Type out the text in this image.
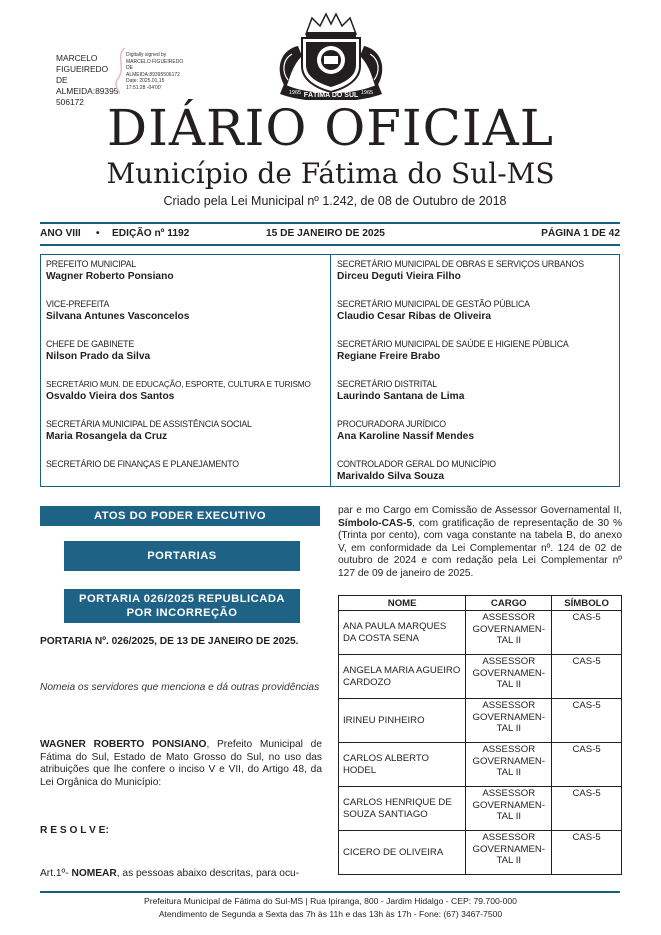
MARCELO
FIGUEIREDO DE
ALMEIDA:89395
506172
Digitally signed by
MARCELO FIGUEIREDO
DE
ALMEIDA:89395506172
Date: 2025.01.15
17:51:28 -04'00'
FÁTIMA DO SUL
1965	1965
DIÁRIO OFICIAL
Município de Fátima do Sul-MS
Criado pela Lei Municipal nº 1.242, de 08 de Outubro de 2018
ANO VIII • EDIÇÃO nº 1192	15 DE JANEIRO DE 2025	PÁGINA 1 DE 42
PREFEITO MUNICIPAL
Wagner Roberto Ponsiano
VICE-PREFEITA
Silvana Antunes Vasconcelos
CHEFE DE GABINETE
Nilson Prado da Silva
SECRETÁRIO MUN. DE EDUCAÇÃO, ESPORTE, CULTURA E TURISMO
Osvaldo Vieira dos Santos
SECRETÁRIA MUNICIPAL DE ASSISTÊNCIA SOCIAL
Maria Rosangela da Cruz
SECRETÁRIO DE FINANÇAS E PLANEJAMENTO
SECRETÁRIO MUNICIPAL DE OBRAS E SERVIÇOS URBANOS
Dirceu Deguti Vieira Filho
SECRETÁRIO MUNICIPAL DE GESTÃO PÚBLICA
Claudio Cesar Ribas de Oliveira
SECRETÁRIO MUNICIPAL DE SAÚDE E HIGIENE PÚBLICA
Regiane Freire Brabo
SECRETÁRIO DISTRITAL
Laurindo Santana de Lima
PROCURADORA JURÍDICO
Ana Karoline Nassif Mendes
CONTROLADOR GERAL DO MUNICÍPIO
Marivaldo Silva Souza
ATOS DO PODER EXECUTIVO
PORTARIAS
PORTARIA 026/2025 REPUBLICADA
POR INCORREÇÃO
PORTARIA Nº. 026/2025, DE 13 DE JANEIRO DE 2025.
Nomeia os servidores que menciona e dá outras providências
WAGNER ROBERTO PONSIANO, Prefeito Municipal de Fátima do Sul, Estado de Mato Grosso do Sul, no uso das atribuições que lhe confere o inciso V e VII, do Artigo 48, da Lei Orgânica do Município:
R E S O L V E:
Art.1º- NOMEAR, as pessoas abaixo descritas, para ocu-
par e mo Cargo em Comissão de Assessor Governamental II, Símbolo-CAS-5, com gratificação de representação de 30 % (Trinta por cento), com vaga constante na tabela B, do anexo V, em conformidade da Lei Complementar nº. 124 de 02 de outubro de 2024 e com redação pela Lei Complementar nº 127 de 09 de janeiro de 2025.
NOME	CARGO	SÍMBOLO
ANA PAULA MARQUES DA COSTA SENA	ASSESSOR GOVERNAMEN-TAL II	CAS-5
ANGELA MARIA AGUEIRO CARDOZO	ASSESSOR GOVERNAMEN-TAL II	CAS-5
IRINEU PINHEIRO	ASSESSOR GOVERNAMEN-TAL II	CAS-5
CARLOS ALBERTO HODEL	ASSESSOR GOVERNAMEN-TAL II	CAS-5
CARLOS HENRIQUE DE SOUZA SANTIAGO	ASSESSOR GOVERNAMEN-TAL II	CAS-5
CICERO DE OLIVEIRA	ASSESSOR GOVERNAMEN-TAL II	CAS-5
Prefeitura Municipal de Fátima do Sul-MS | Rua Ipiranga, 800 - Jardim Hidalgo - CEP: 79.700-000
Atendimento de Segunda a Sexta das 7h às 11h e das 13h às 17h - Fone: (67) 3467-7500
